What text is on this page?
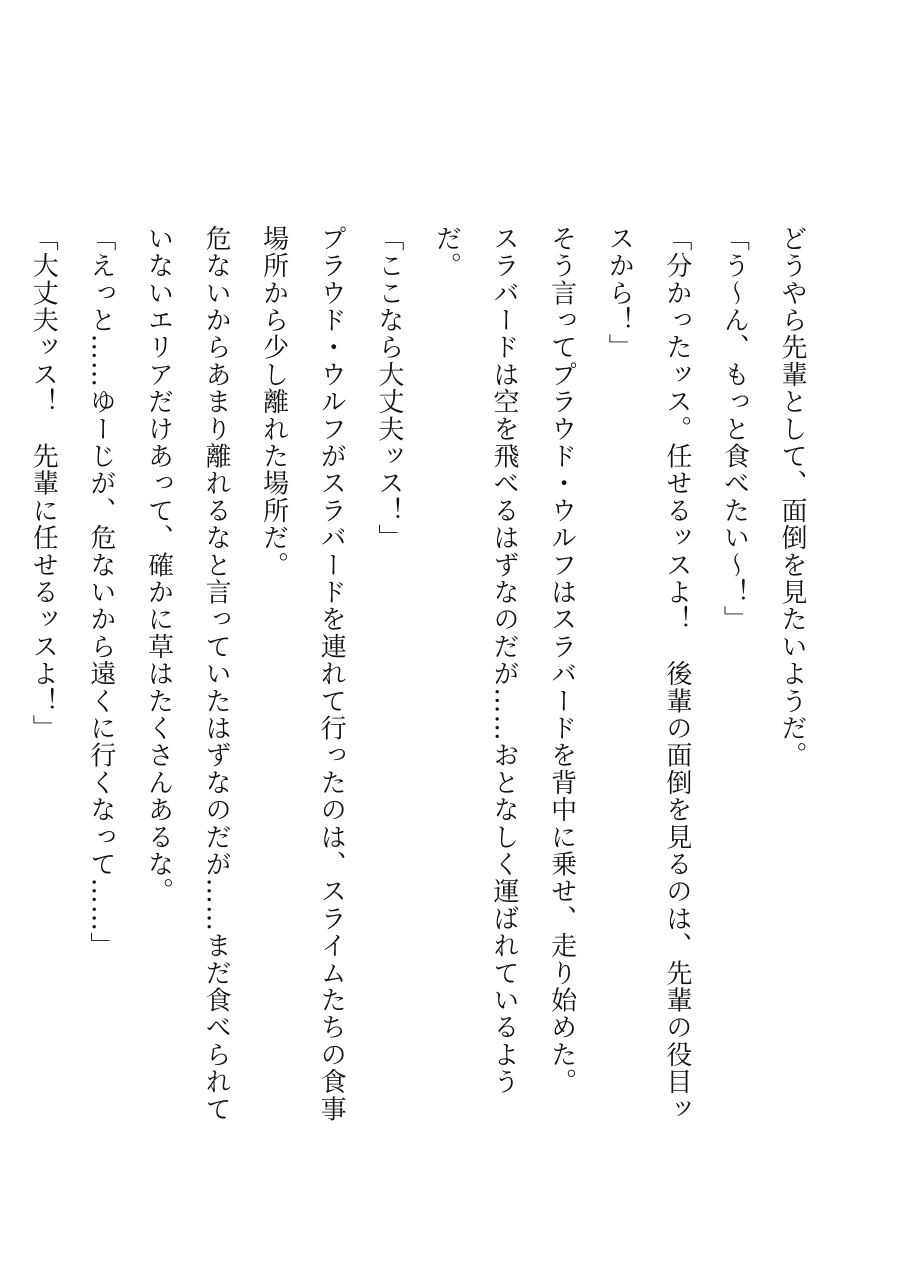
どうやら先輩として、面倒を見たいようだ。

「う〜ん、もっと食べたい〜！」

「分かったッス。任せるッスよ！　後輩の面倒を見るのは、先輩の役目ッスから！」

そう言ってプラウド・ウルフはスラバードを背中に乗せ、走り始めた。

スラバードは空を飛べるはずなのだが……おとなしく運ばれているようだ。

「ここなら大丈夫ッス！」

プラウド・ウルフがスラバードを連れて行ったのは、スライムたちの食事場所から少し離れた場所だ。

危ないからあまり離れるなと言っていたはずなのだが……まだ食べられていないエリアだけあって、確かに草はたくさんあるな。

「えっと……ゆーじが、危ないから遠くに行くなって……」

「大丈夫ッス！　先輩に任せるッスよ！」
